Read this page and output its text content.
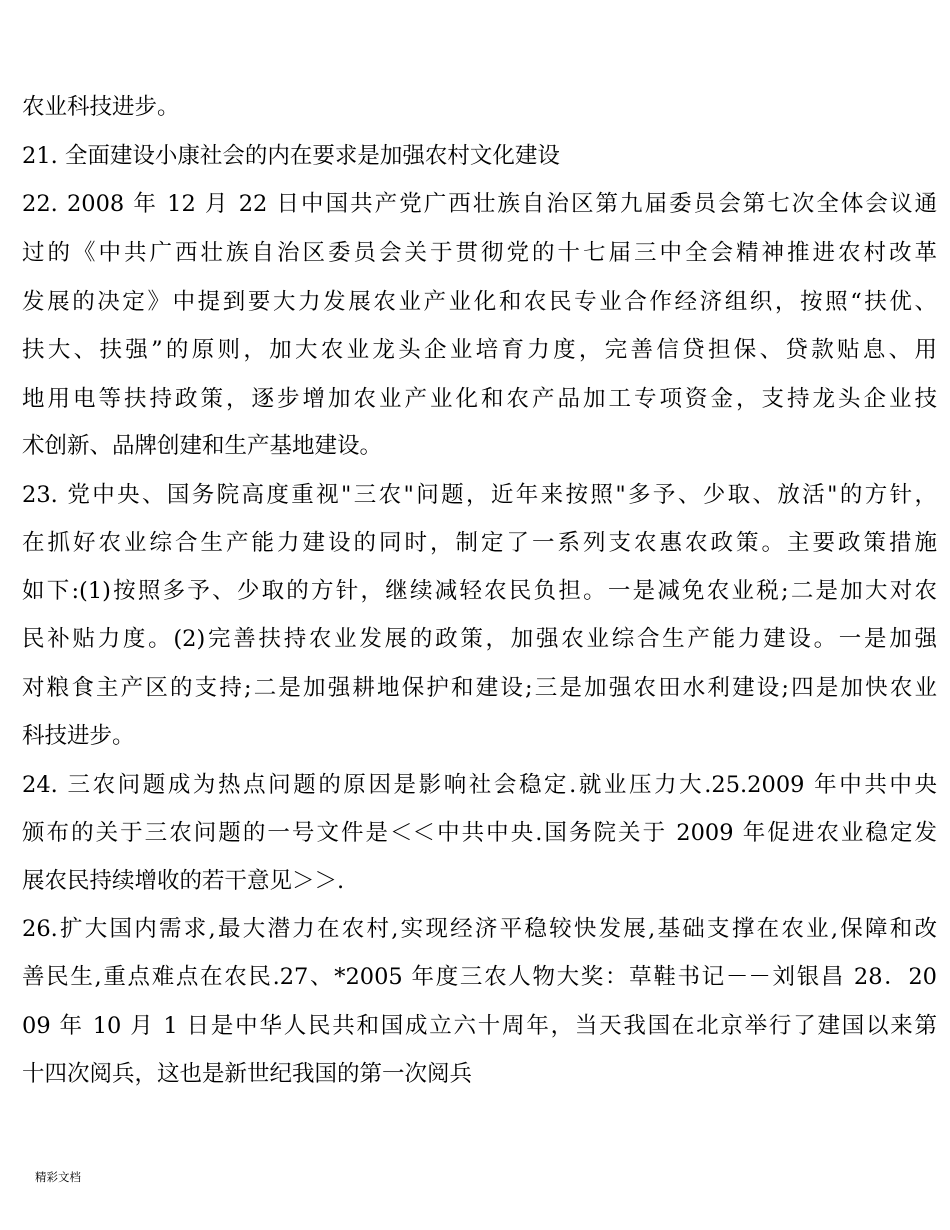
农业科技进步。
21. 全面建设小康社会的内在要求是加强农村文化建设
22. 2008 年 12 月 22 日中国共产党广西壮族自治区第九届委员会第七次全体会议通
过的《中共广西壮族自治区委员会关于贯彻党的十七届三中全会精神推进农村改革
发展的决定》中提到要大力发展农业产业化和农民专业合作经济组织，按照“扶优、
扶大、扶强”的原则，加大农业龙头企业培育力度，完善信贷担保、贷款贴息、用
地用电等扶持政策，逐步增加农业产业化和农产品加工专项资金，支持龙头企业技
术创新、品牌创建和生产基地建设。
23. 党中央、国务院高度重视"三农"问题，近年来按照"多予、少取、放活"的方针，
在抓好农业综合生产能力建设的同时，制定了一系列支农惠农政策。主要政策措施
如下:(1)按照多予、少取的方针，继续减轻农民负担。一是减免农业税;二是加大对农
民补贴力度。(2)完善扶持农业发展的政策，加强农业综合生产能力建设。一是加强
对粮食主产区的支持;二是加强耕地保护和建设;三是加强农田水利建设;四是加快农业
科技进步。
24. 三农问题成为热点问题的原因是影响社会稳定.就业压力大.25.2009 年中共中央
颁布的关于三农问题的一号文件是＜＜中共中央.国务院关于 2009 年促进农业稳定发
展农民持续增收的若干意见＞＞.
26.扩大国内需求,最大潜力在农村,实现经济平稳较快发展,基础支撑在农业,保障和改
善民生,重点难点在农民.27、*2005 年度三农人物大奖：草鞋书记－－刘银昌 28．20
09 年 10 月 1 日是中华人民共和国成立六十周年，当天我国在北京举行了建国以来第
十四次阅兵，这也是新世纪我国的第一次阅兵
精彩文档
